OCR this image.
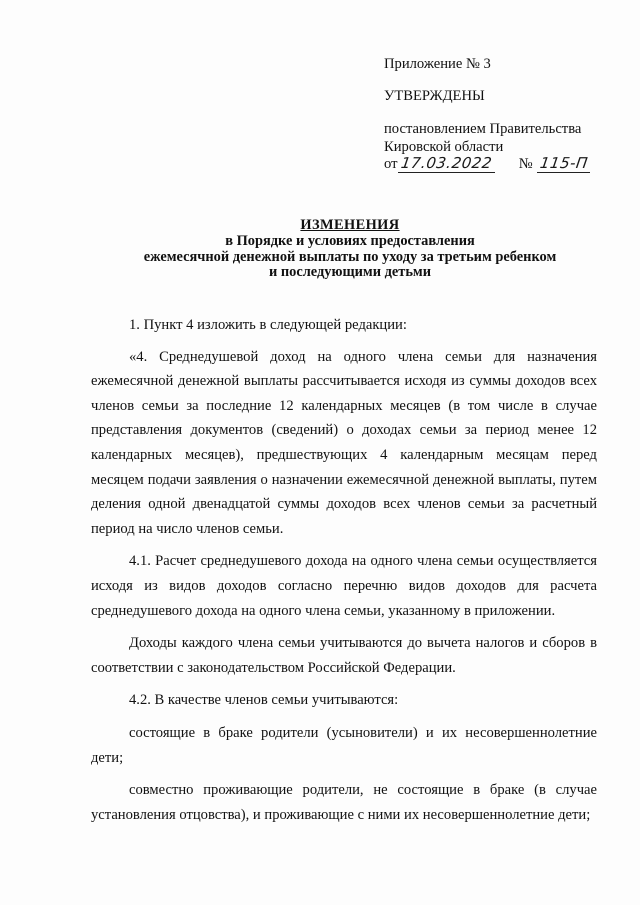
Приложение № 3

УТВЕРЖДЕНЫ

постановлением Правительства

Кировской области

от 17.03.2022 № 115-П
ИЗМЕНЕНИЯ
в Порядке и условиях предоставления
ежемесячной денежной выплаты по уходу за третьим ребенком
и последующими детьми

1. Пункт 4 изложить в следующей редакции:

«4. Среднедушевой доход на одного члена семьи для назначения ежемесячной денежной выплаты рассчитывается исходя из суммы доходов всех членов семьи за последние 12 календарных месяцев (в том числе в случае представления документов (сведений) о доходах семьи за период менее 12 календарных месяцев), предшествующих 4 календарным месяцам перед месяцем подачи заявления о назначении ежемесячной денежной выплаты, путем деления одной двенадцатой суммы доходов всех членов семьи за расчетный период на число членов семьи.

4.1. Расчет среднедушевого дохода на одного члена семьи осуществляется исходя из видов доходов согласно перечню видов доходов для расчета среднедушевого дохода на одного члена семьи, указанному в приложении.

Доходы каждого члена семьи учитываются до вычета налогов и сборов в соответствии с законодательством Российской Федерации.

4.2. В качестве членов семьи учитываются:

состоящие в браке родители (усыновители) и их несовершеннолетние дети;

совместно проживающие родители, не состоящие в браке (в случае установления отцовства), и проживающие с ними их несовершеннолетние дети;
